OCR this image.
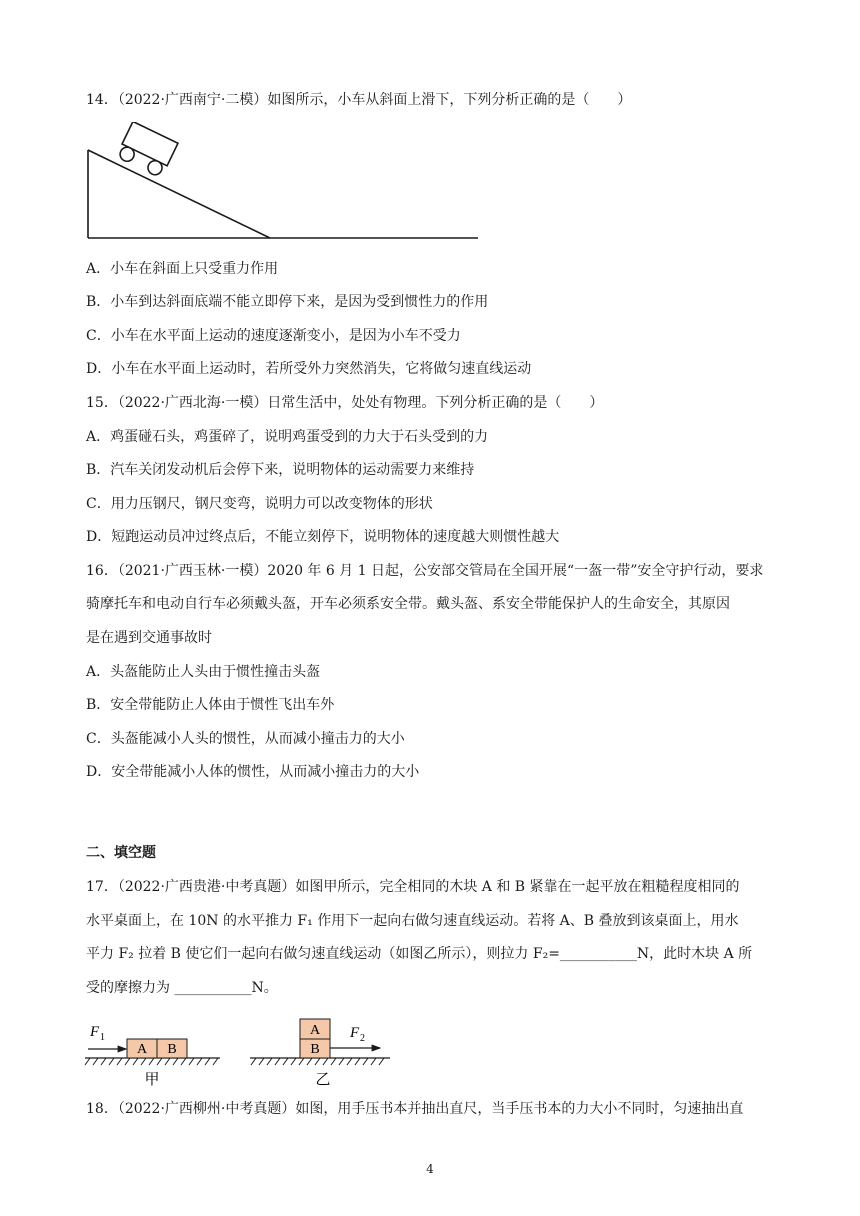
14．（2022·广西南宁·二模）如图所示，小车从斜面上滑下，下列分析正确的是（　　）
A．小车在斜面上只受重力作用
B．小车到达斜面底端不能立即停下来，是因为受到惯性力的作用
C．小车在水平面上运动的速度逐渐变小，是因为小车不受力
D．小车在水平面上运动时，若所受外力突然消失，它将做匀速直线运动
15．（2022·广西北海·一模）日常生活中，处处有物理。下列分析正确的是（　　）
A．鸡蛋碰石头，鸡蛋碎了，说明鸡蛋受到的力大于石头受到的力
B．汽车关闭发动机后会停下来，说明物体的运动需要力来维持
C．用力压钢尺，钢尺变弯，说明力可以改变物体的形状
D．短跑运动员冲过终点后，不能立刻停下，说明物体的速度越大则惯性越大
16．（2021·广西玉林·一模）2020 年 6 月 1 日起，公安部交管局在全国开展“一盔一带”安全守护行动，要求
骑摩托车和电动自行车必须戴头盔，开车必须系安全带。戴头盔、系安全带能保护人的生命安全，其原因
是在遇到交通事故时
A．头盔能防止人头由于惯性撞击头盔
B．安全带能防止人体由于惯性飞出车外
C．头盔能减小人头的惯性，从而减小撞击力的大小
D．安全带能减小人体的惯性，从而减小撞击力的大小
二、填空题
17．（2022·广西贵港·中考真题）如图甲所示，完全相同的木块 A 和 B 紧靠在一起平放在粗糙程度相同的
水平桌面上，在 10N 的水平推力 F₁ 作用下一起向右做匀速直线运动。若将 A、B 叠放到该桌面上，用水
平力 F₂ 拉着 B 使它们一起向右做匀速直线运动（如图乙所示），则拉力 F₂=___________N，此时木块 A 所
受的摩擦力为 ___________N。
F 1
A B
甲
A
B
F 2
乙
18．（2022·广西柳州·中考真题）如图，用手压书本并抽出直尺，当手压书本的力大小不同时，匀速抽出直
4
